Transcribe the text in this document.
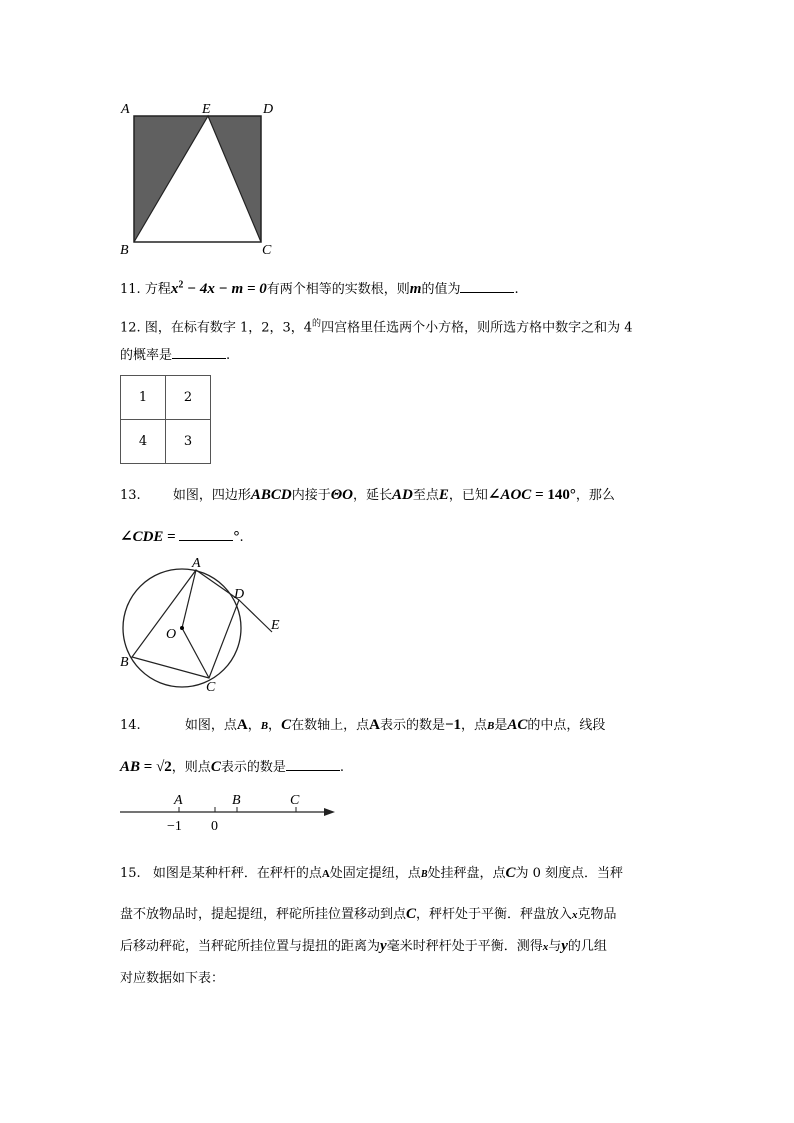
A	E	D
B	C
11. 方程$x^2 - 4x - m = 0$有两个相等的实数根，则m的值为	.
12. 图，在标有数字 1，2，3，$4^的$四宫格里任选两个小方格，则所选方格中数字之和为 4
的概率是	.
1	2
4	3
13. 如图，四边形ABCD内接于ΘO，延长AD至点E，已知∠AOC = 140°，那么
∠CDE =	°.
A
D
E
O
B
C
14.	如图，点A，B，C在数轴上，点A表示的数是−1，点B是AC的中点，线段
AB = √2，则点C表示的数是	.
A	B	C
−1 0
15. 如图是某种杆秤．在秤杆的点A处固定提纽，点B处挂秤盘，点C为 0 刻度点．当秤
盘不放物品时，提起提纽，秤砣所挂位置移动到点C，秤杆处于平衡．秤盘放入x克物品
后移动秤砣，当秤砣所挂位置与提扭的距离为y毫米时秤杆处于平衡．测得x与y的几组
对应数据如下表：
